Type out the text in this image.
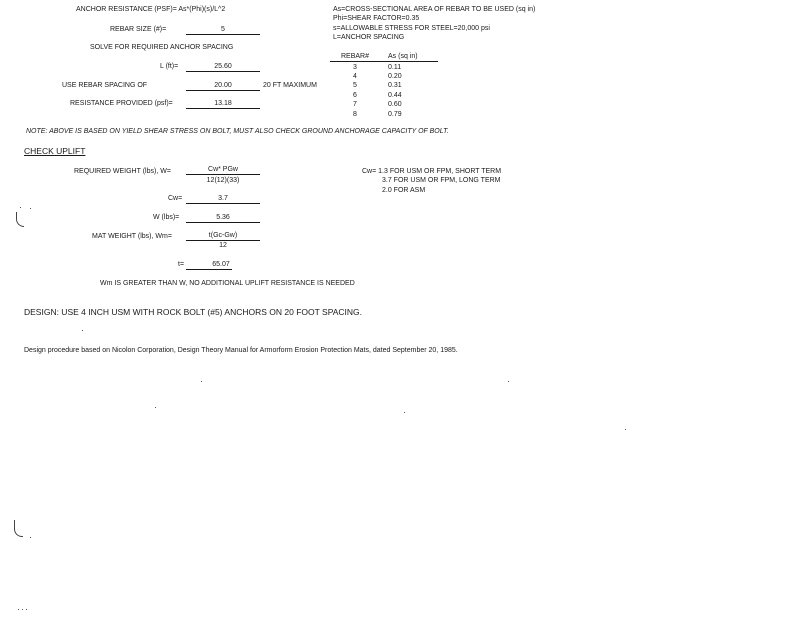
ANCHOR RESISTANCE (PSF)= As*(Phi)(s)/L^2
REBAR SIZE (#)=	5
SOLVE FOR REQUIRED ANCHOR SPACING
L (ft)=	25.60
USE REBAR SPACING OF	20.00	20 FT MAXIMUM
RESISTANCE PROVIDED (psf)=	13.18
As=CROSS-SECTIONAL AREA OF REBAR TO BE USED (sq in)
Phi=SHEAR FACTOR=0.35
s=ALLOWABLE STRESS FOR STEEL=20,000 psi
L=ANCHOR SPACING
REBAR#	As (sq in)
3	0.11
4	0.20
5	0.31
6	0.44
7	0.60
8	0.79
NOTE: ABOVE IS BASED ON YIELD SHEAR STRESS ON BOLT, MUST ALSO CHECK GROUND ANCHORAGE CAPACITY OF BOLT.
CHECK UPLIFT
REQUIRED WEIGHT (lbs), W=	Cw* PGw
12(12)(33)
Cw= 1.3 FOR USM OR FPM, SHORT TERM
3.7 FOR USM OR FPM, LONG TERM
2.0 FOR ASM
Cw=	3.7
W (lbs)=	5.36
MAT WEIGHT (lbs), Wm=	t(Gc-Gw)
12
t=	65.07
Wm IS GREATER THAN W, NO ADDITIONAL UPLIFT RESISTANCE IS NEEDED
DESIGN: USE 4 INCH USM WITH ROCK BOLT (#5) ANCHORS ON 20 FOOT SPACING.
Design procedure based on Nicolon Corporation, Design Theory Manual for Armorform Erosion Protection Mats, dated September 20, 1985.
